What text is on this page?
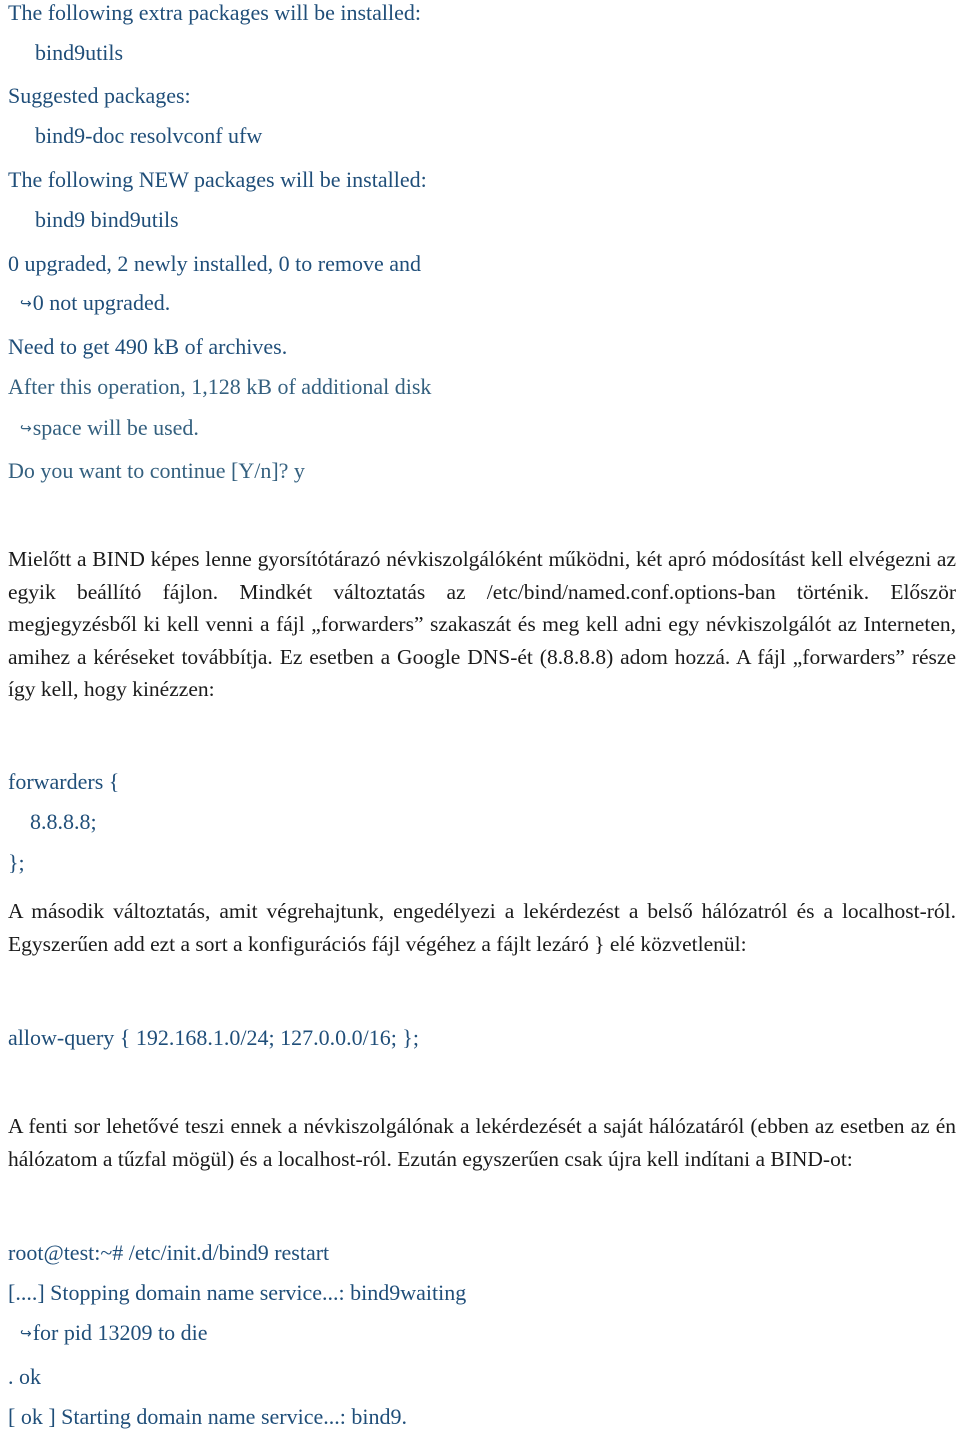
The following extra packages will be installed:
bind9utils
Suggested packages:
bind9-doc resolvconf ufw
The following NEW packages will be installed:
bind9 bind9utils
0 upgraded, 2 newly installed, 0 to remove and
↪0 not upgraded.
Need to get 490 kB of archives.
After this operation, 1,128 kB of additional disk
↪space will be used.
Do you want to continue [Y/n]? y

Mielőtt a BIND képes lenne gyorsítótárazó névkiszolgálóként működni, két apró módosítást kell elvégezni az egyik beállító fájlon. Mindkét változtatás az /etc/bind/named.conf.options-ban történik. Először megjegyzésből ki kell venni a fájl „forwarders” szakaszát és meg kell adni egy névkiszolgálót az Interneten, amihez a kéréseket továbbítja. Ez esetben a Google DNS-ét (8.8.8.8) adom hozzá. A fájl „forwarders” része így kell, hogy kinézzen:

forwarders {
8.8.8.8;
};

A második változtatás, amit végrehajtunk, engedélyezi a lekérdezést a belső hálózatról és a localhost-ról. Egyszerűen add ezt a sort a konfigurációs fájl végéhez a fájlt lezáró } elé közvetlenül:

allow-query { 192.168.1.0/24; 127.0.0.0/16; };

A fenti sor lehetővé teszi ennek a névkiszolgálónak a lekérdezését a saját hálózatáról (ebben az esetben az én hálózatom a tűzfal mögül) és a localhost-ról. Ezután egyszerűen csak újra kell indítani a BIND-ot:

root@test:~# /etc/init.d/bind9 restart
[....] Stopping domain name service...: bind9waiting
↪for pid 13209 to die
. ok
[ ok ] Starting domain name service...: bind9.
